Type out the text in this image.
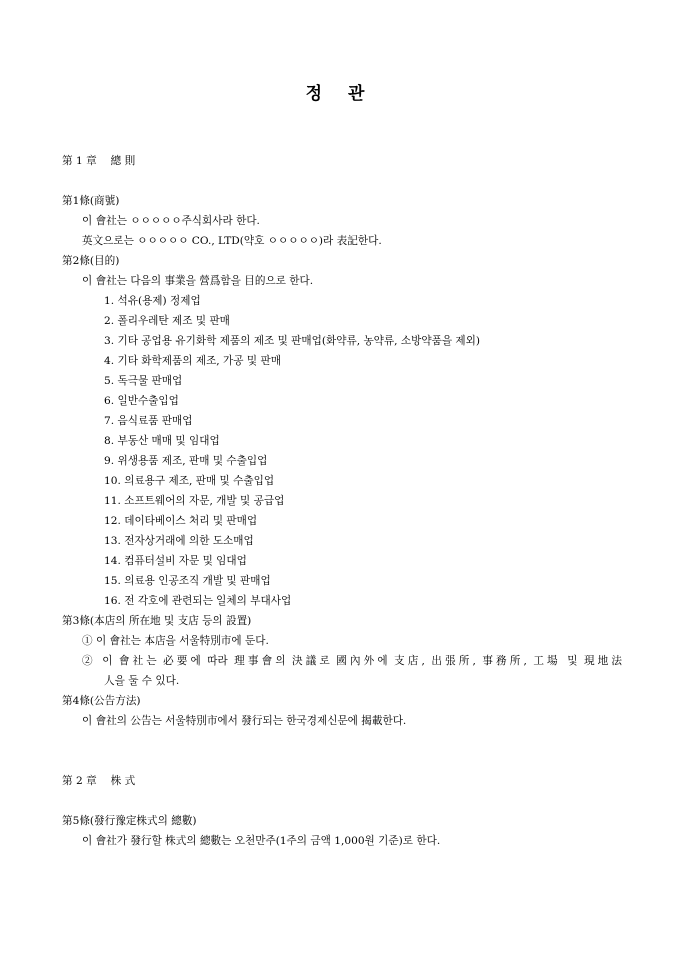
정 관
第 1 章　 總 則
第1條(商號)
이 會社는 ㅇㅇㅇㅇㅇ주식회사라 한다.
英文으로는 ㅇㅇㅇㅇㅇ CO., LTD(약호 ㅇㅇㅇㅇㅇ)라 表記한다.
第2條(目的)
이 會社는 다음의 事業을 營爲함을 目的으로 한다.
1. 석유(용제) 정제업
2. 폴리우레탄 제조 및 판매
3. 기타 공업용 유기화학 제품의 제조 및 판매업(화약류, 농약류, 소방약품을 제외)
4. 기타 화학제품의 제조, 가공 및 판매
5. 독극물 판매업
6. 일반수출입업
7. 음식료품 판매업
8. 부동산 매매 및 임대업
9. 위생용품 제조, 판매 및 수출입업
10. 의료용구 제조, 판매 및 수출입업
11. 소프트웨어의 자문, 개발 및 공급업
12. 데이타베이스 처리 및 판매업
13. 전자상거래에 의한 도소매업
14. 컴퓨터설비 자문 및 임대업
15. 의료용 인공조직 개발 및 판매업
16. 전 각호에 관련되는 일체의 부대사업
第3條(本店의 所在地 및 支店 등의 設置)
① 이 會社는 本店을 서울特別市에 둔다.
② 이 會社는 必要에 따라 理事會의 決議로 國內外에 支店, 出張所, 事務所, 工場 및 現地法
人을 둘 수 있다.
第4條(公告方法)
이 會社의 公告는 서울特別市에서 發行되는 한국경제신문에 揭載한다.
第 2 章　 株 式
第5條(發行豫定株式의 總數)
이 會社가 發行할 株式의 總數는 오천만주(1주의 금액 1,000원 기준)로 한다.
